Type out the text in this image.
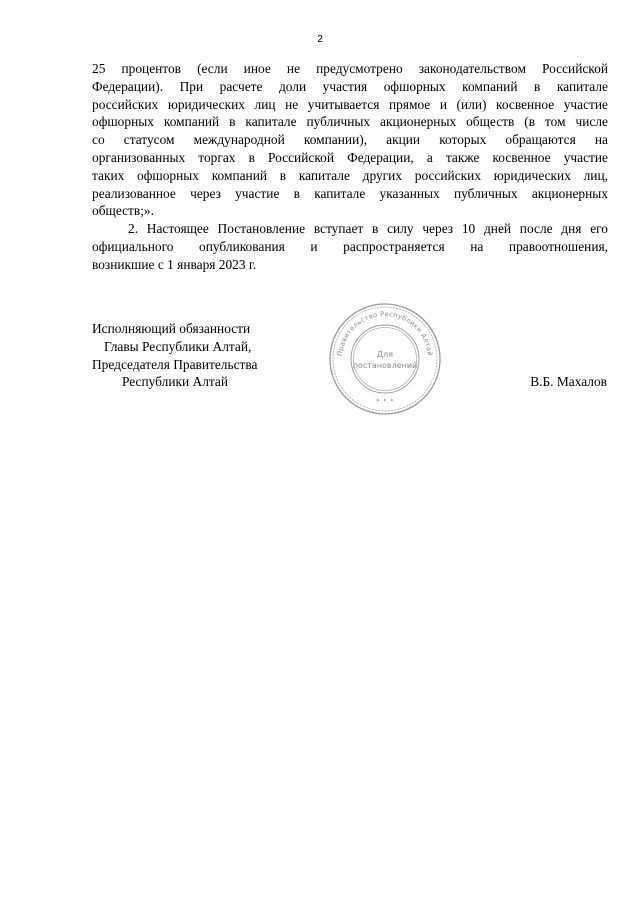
2

25 процентов (если иное не предусмотрено законодательством Российской
Федерации). При расчете доли участия офшорных компаний в капитале
российских юридических лиц не учитывается прямое и (или) косвенное участие
офшорных компаний в капитале публичных акционерных обществ (в том числе
со статусом международной компании), акции которых обращаются на
организованных торгах в Российской Федерации, а также косвенное участие
таких офшорных компаний в капитале других российских юридических лиц,
реализованное через участие в капитале указанных публичных акционерных
обществ;».

2. Настоящее Постановление вступает в силу через 10 дней после дня его
официального опубликования и распространяется на правоотношения,
возникшие с 1 января 2023 г.

Исполняющий обязанности
Главы Республики Алтай,
Председателя Правительства
Республики Алтай
Правительство Республики Алтай
✦ ✦ ✦
Для
постановлений
В.Б. Махалов
